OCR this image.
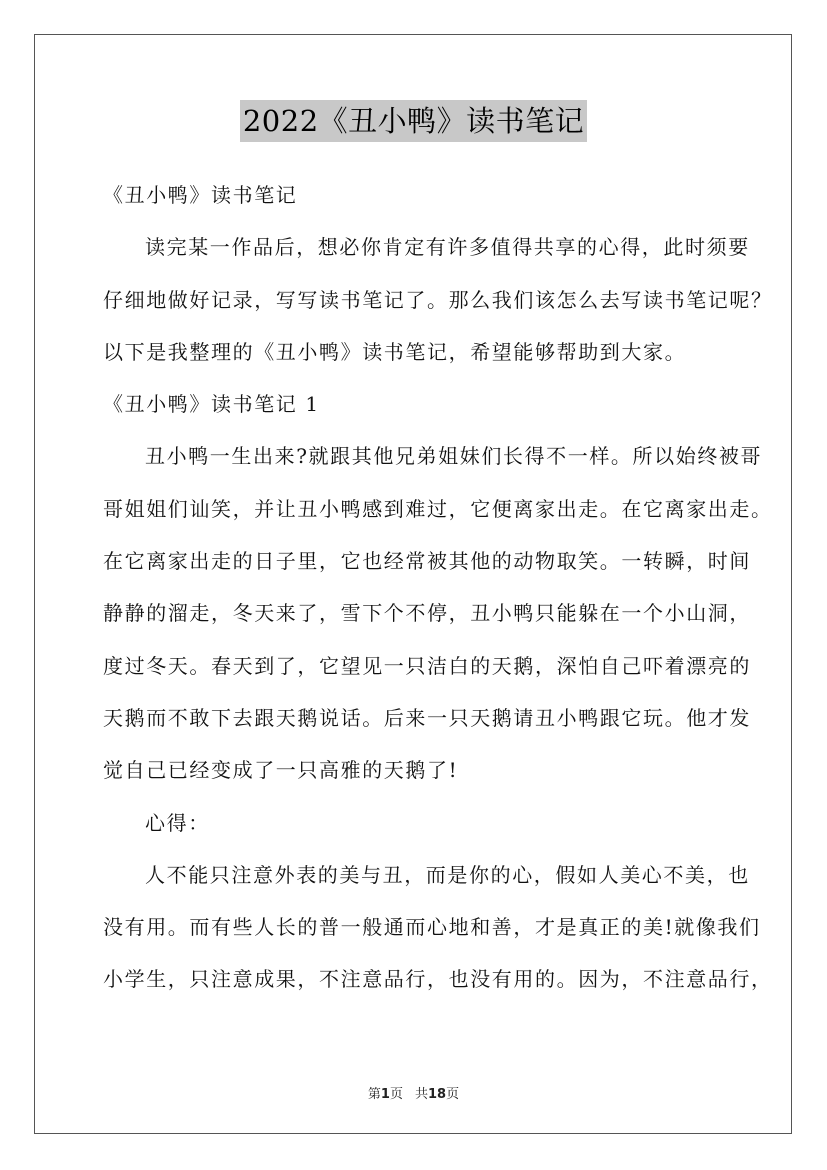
2022《丑小鸭》读书笔记

《丑小鸭》读书笔记

读完某一作品后，想必你肯定有许多值得共享的心得，此时须要

仔细地做好记录，写写读书笔记了。那么我们该怎么去写读书笔记呢？

以下是我整理的《丑小鸭》读书笔记，希望能够帮助到大家。

《丑小鸭》读书笔记 1

丑小鸭一生出来?就跟其他兄弟姐妹们长得不一样。所以始终被哥

哥姐姐们讪笑，并让丑小鸭感到难过，它便离家出走。在它离家出走。

在它离家出走的日子里，它也经常被其他的动物取笑。一转瞬，时间

静静的溜走，冬天来了，雪下个不停，丑小鸭只能躲在一个小山洞，

度过冬天。春天到了，它望见一只洁白的天鹅，深怕自己吓着漂亮的

天鹅而不敢下去跟天鹅说话。后来一只天鹅请丑小鸭跟它玩。他才发

觉自己已经变成了一只高雅的天鹅了!

心得：

人不能只注意外表的美与丑，而是你的心，假如人美心不美，也

没有用。而有些人长的普一般通而心地和善，才是真正的美!就像我们

小学生，只注意成果，不注意品行，也没有用的。因为，不注意品行，

第1页 共18页
